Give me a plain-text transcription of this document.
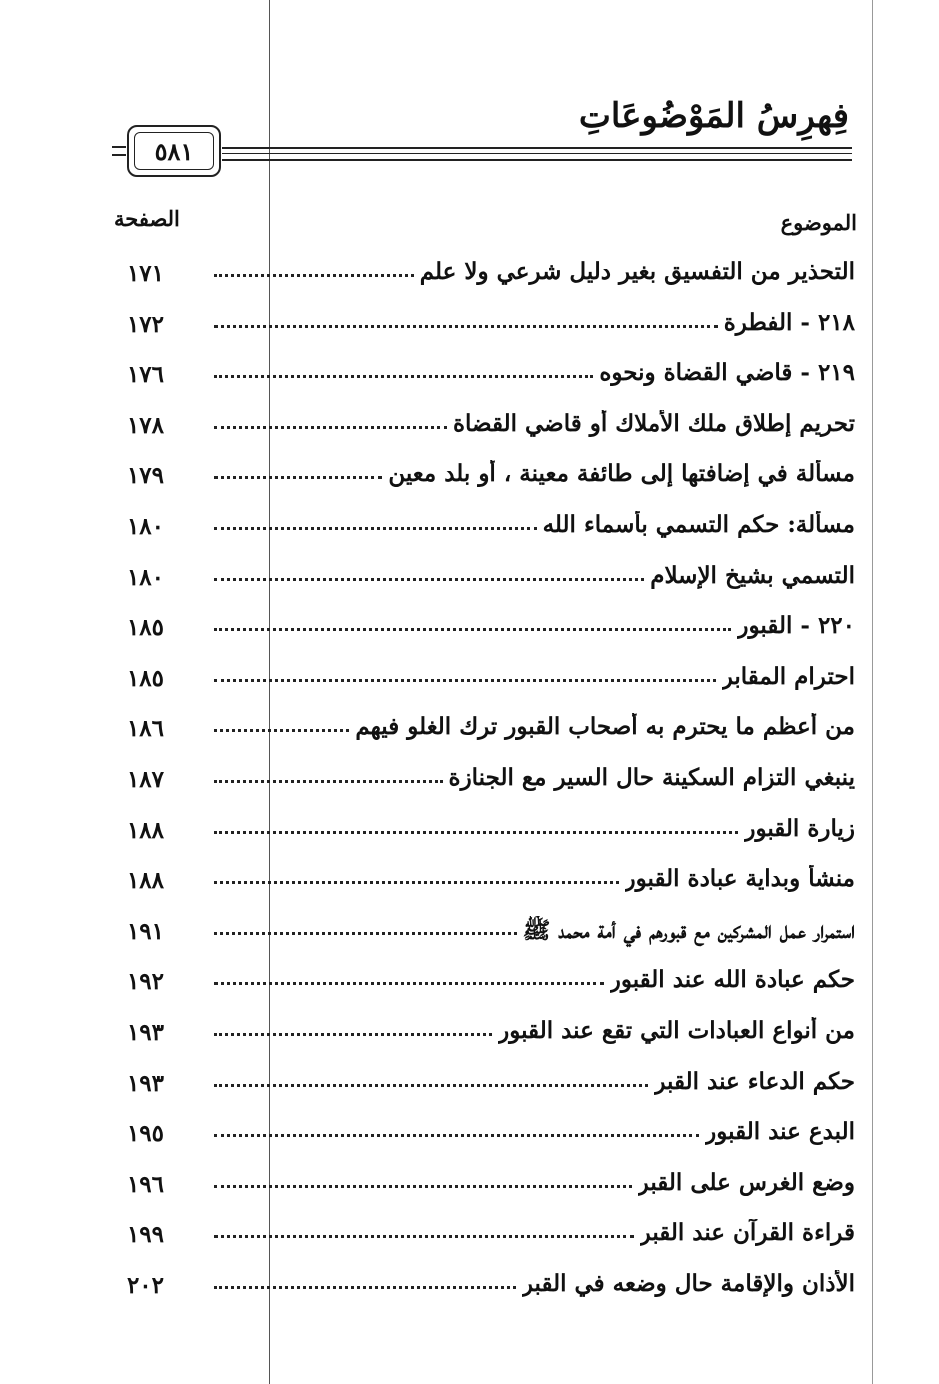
فِهرِسُ المَوْضُوعَاتِ
٥٨١
الموضوع
الصفحة
التحذير من التفسيق بغير دليل شرعي ولا علم
١٧١
٢١٨ - الفطرة
١٧٢
٢١٩ - قاضي القضاة ونحوه
١٧٦
تحريم إطلاق ملك الأملاك أو قاضي القضاة
١٧٨
مسألة في إضافتها إلى طائفة معينة ، أو بلد معين
١٧٩
مسألة: حكم التسمي بأسماء الله
١٨٠
التسمي بشيخ الإسلام
١٨٠
٢٢٠ - القبور
١٨٥
احترام المقابر
١٨٥
من أعظم ما يحترم به أصحاب القبور ترك الغلو فيهم
١٨٦
ينبغي التزام السكينة حال السير مع الجنازة
١٨٧
زيارة القبور
١٨٨
منشأ وبداية عبادة القبور
١٨٨
استمرار عمل المشركين مع قبورهم في أمة محمد ﷺ
١٩١
حكم عبادة الله عند القبور
١٩٢
من أنواع العبادات التي تقع عند القبور
١٩٣
حكم الدعاء عند القبر
١٩٣
البدع عند القبور
١٩٥
وضع الغرس على القبر
١٩٦
قراءة القرآن عند القبر
١٩٩
الأذان والإقامة حال وضعه في القبر
٢٠٢
